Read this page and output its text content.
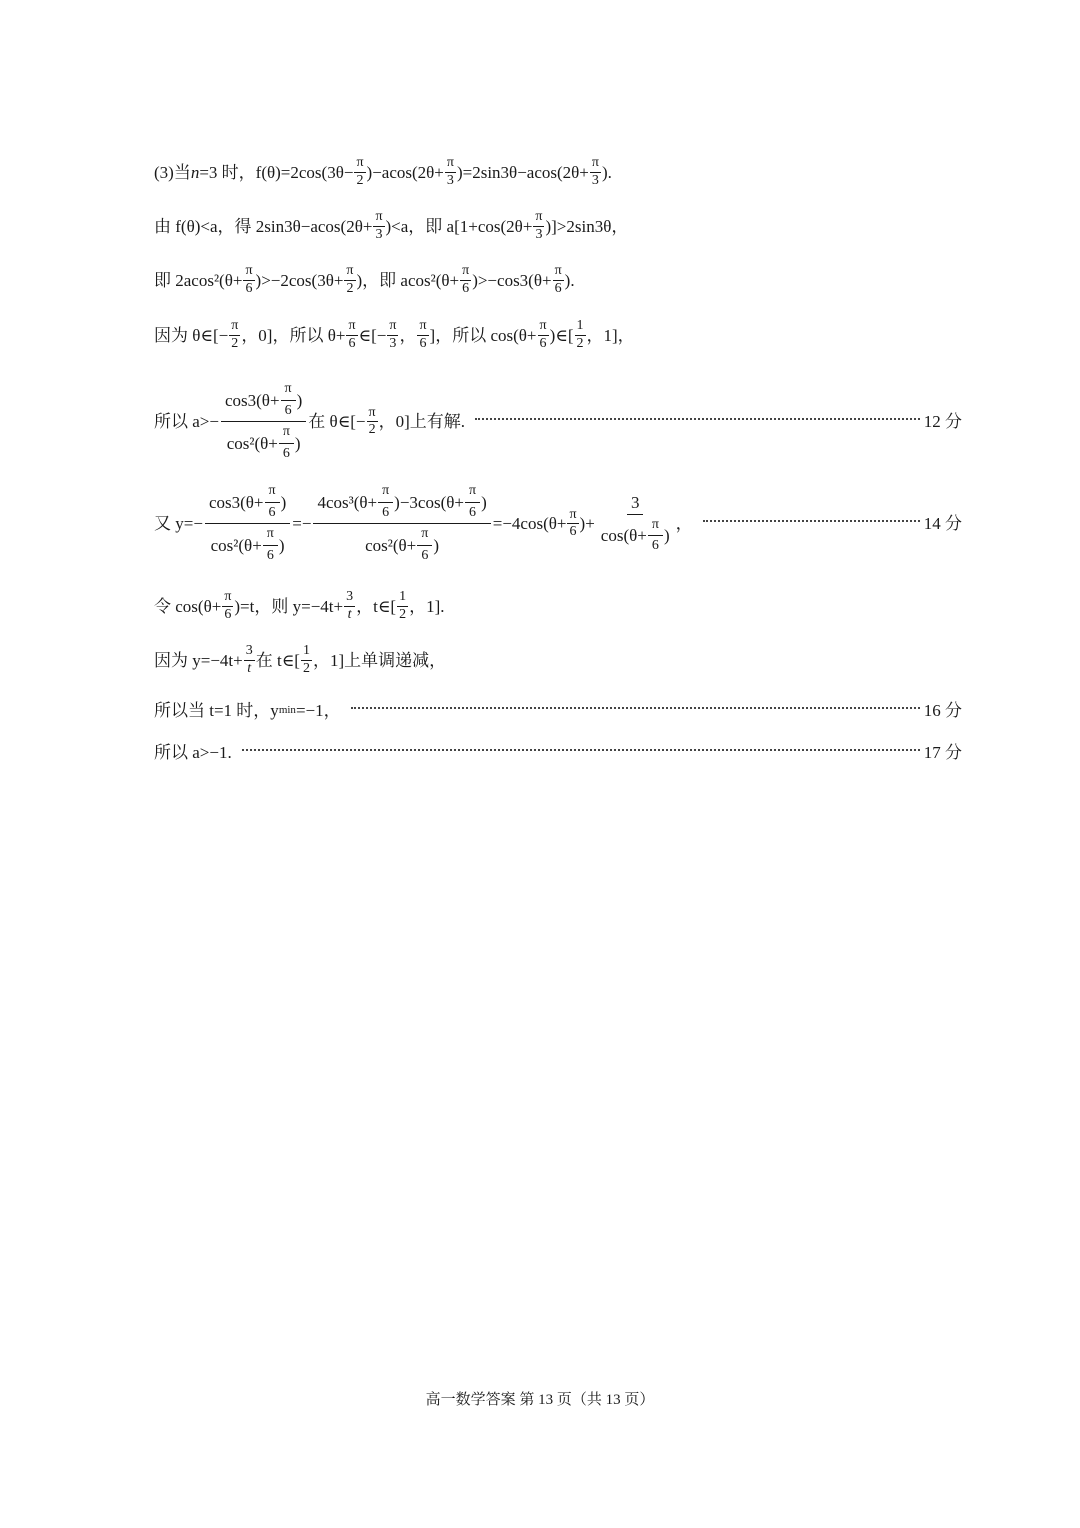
(3)当 n =3 时， $f(\theta)=2\cos(3\theta- \frac{\pi}{2} )-acos(2\theta+ \frac{\pi}{3} )=2\sin 3\theta-acos(2\theta+ \frac{\pi}{3}$ ).
由 f(θ)<a，得 $2\sin 3\theta-acos(2\theta+ \frac{\pi}{3} )<a$，即 $a[1+\cos(2\theta+ \frac{\pi}{3} )]>2\sin 3\theta$，
即 $2acos^2(\theta+ \frac{\pi}{6} )>-2\cos(3\theta+ \frac{\pi}{2}$ )，即 $acos^2(\theta+ \frac{\pi}{6} )>-\cos 3(\theta+ \frac{\pi}{6}$ ).
因为 θ∈[− $\frac{\pi}{2}$ ，0]，所以 $\theta+ \frac{\pi}{6}$ ∈[− $\frac{\pi}{3}$ ， $\frac{\pi}{6}$ ]，所以 $\cos(\theta+ \frac{\pi}{6}$ )∈[ $\frac{1}{2}$ ，1]，
所以 $a>- \frac{\cos 3(\theta+ \frac{\pi}{6} )}{\cos^2(\theta+ \frac{\pi}{6} )}$ 在 θ∈[− $\frac{\pi}{2}$ ，0]上有解.	12 分
又 $y=- \frac{\cos 3(\theta+ \frac{\pi}{6} )}{\cos^2(\theta+ \frac{\pi}{6} )} =- \frac{4\cos^3(\theta+ \frac{\pi}{6} )-3\cos(\theta+ \frac{\pi}{6} )}{\cos^2(\theta+ \frac{\pi}{6} )} =-4\cos(\theta+ \frac{\pi}{6}$ )+ $\frac{3}{\cos(\theta+ \frac{\pi}{6} )}$ ，	14 分
令 $\cos(\theta+ \frac{\pi}{6} )=t$，则 $y=-4t+ \frac{3}{t}$ ，t∈[ $\frac{1}{2}$ ，1].
因为 $y=-4t+ \frac{3}{t}$ 在 t∈[ $\frac{1}{2}$ ，1]上单调递减，
所以当 t=1 时，y min =−1，	16 分
所以 a>−1.	17 分
高一数学答案 第 13 页（共 13 页）
